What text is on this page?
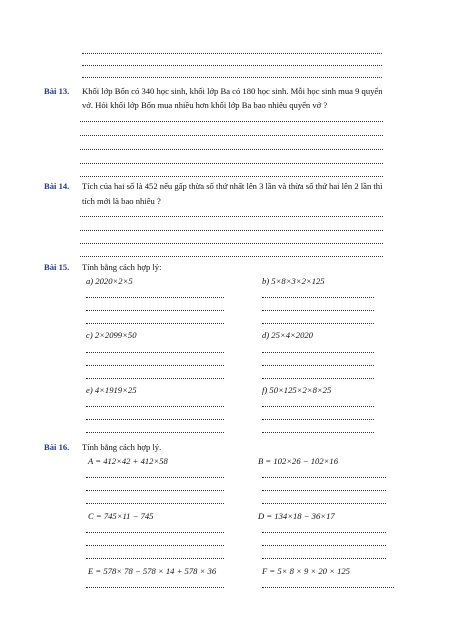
Bài 13. Khối lớp Bốn có 340 học sinh, khối lớp Ba có 180 học sinh. Mỗi học sinh mua 9 quyển
vở. Hỏi khối lớp Bốn mua nhiều hơn khối lớp Ba bao nhiêu quyển vở ?
Bài 14. Tích của hai số là 452 nếu gấp thừa số thứ nhất lên 3 lần và thừa số thứ hai lên 2 lần thì
tích mới là bao nhiêu ?
Bài 15. Tính bằng cách hợp lý:
a) 2020×2×5	b) 5×8×3×2×125
c) 2×2099×50	d) 25×4×2020
e) 4×1919×25	f) 50×125×2×8×25
Bài 16. Tính bằng cách hợp lý.
A = 412×42 + 412×58	B = 102×26 − 102×16
C = 745×11 − 745	D = 134×18 − 36×17
E = 578× 78 − 578 × 14 + 578 × 36	F = 5× 8 × 9 × 20 × 125
